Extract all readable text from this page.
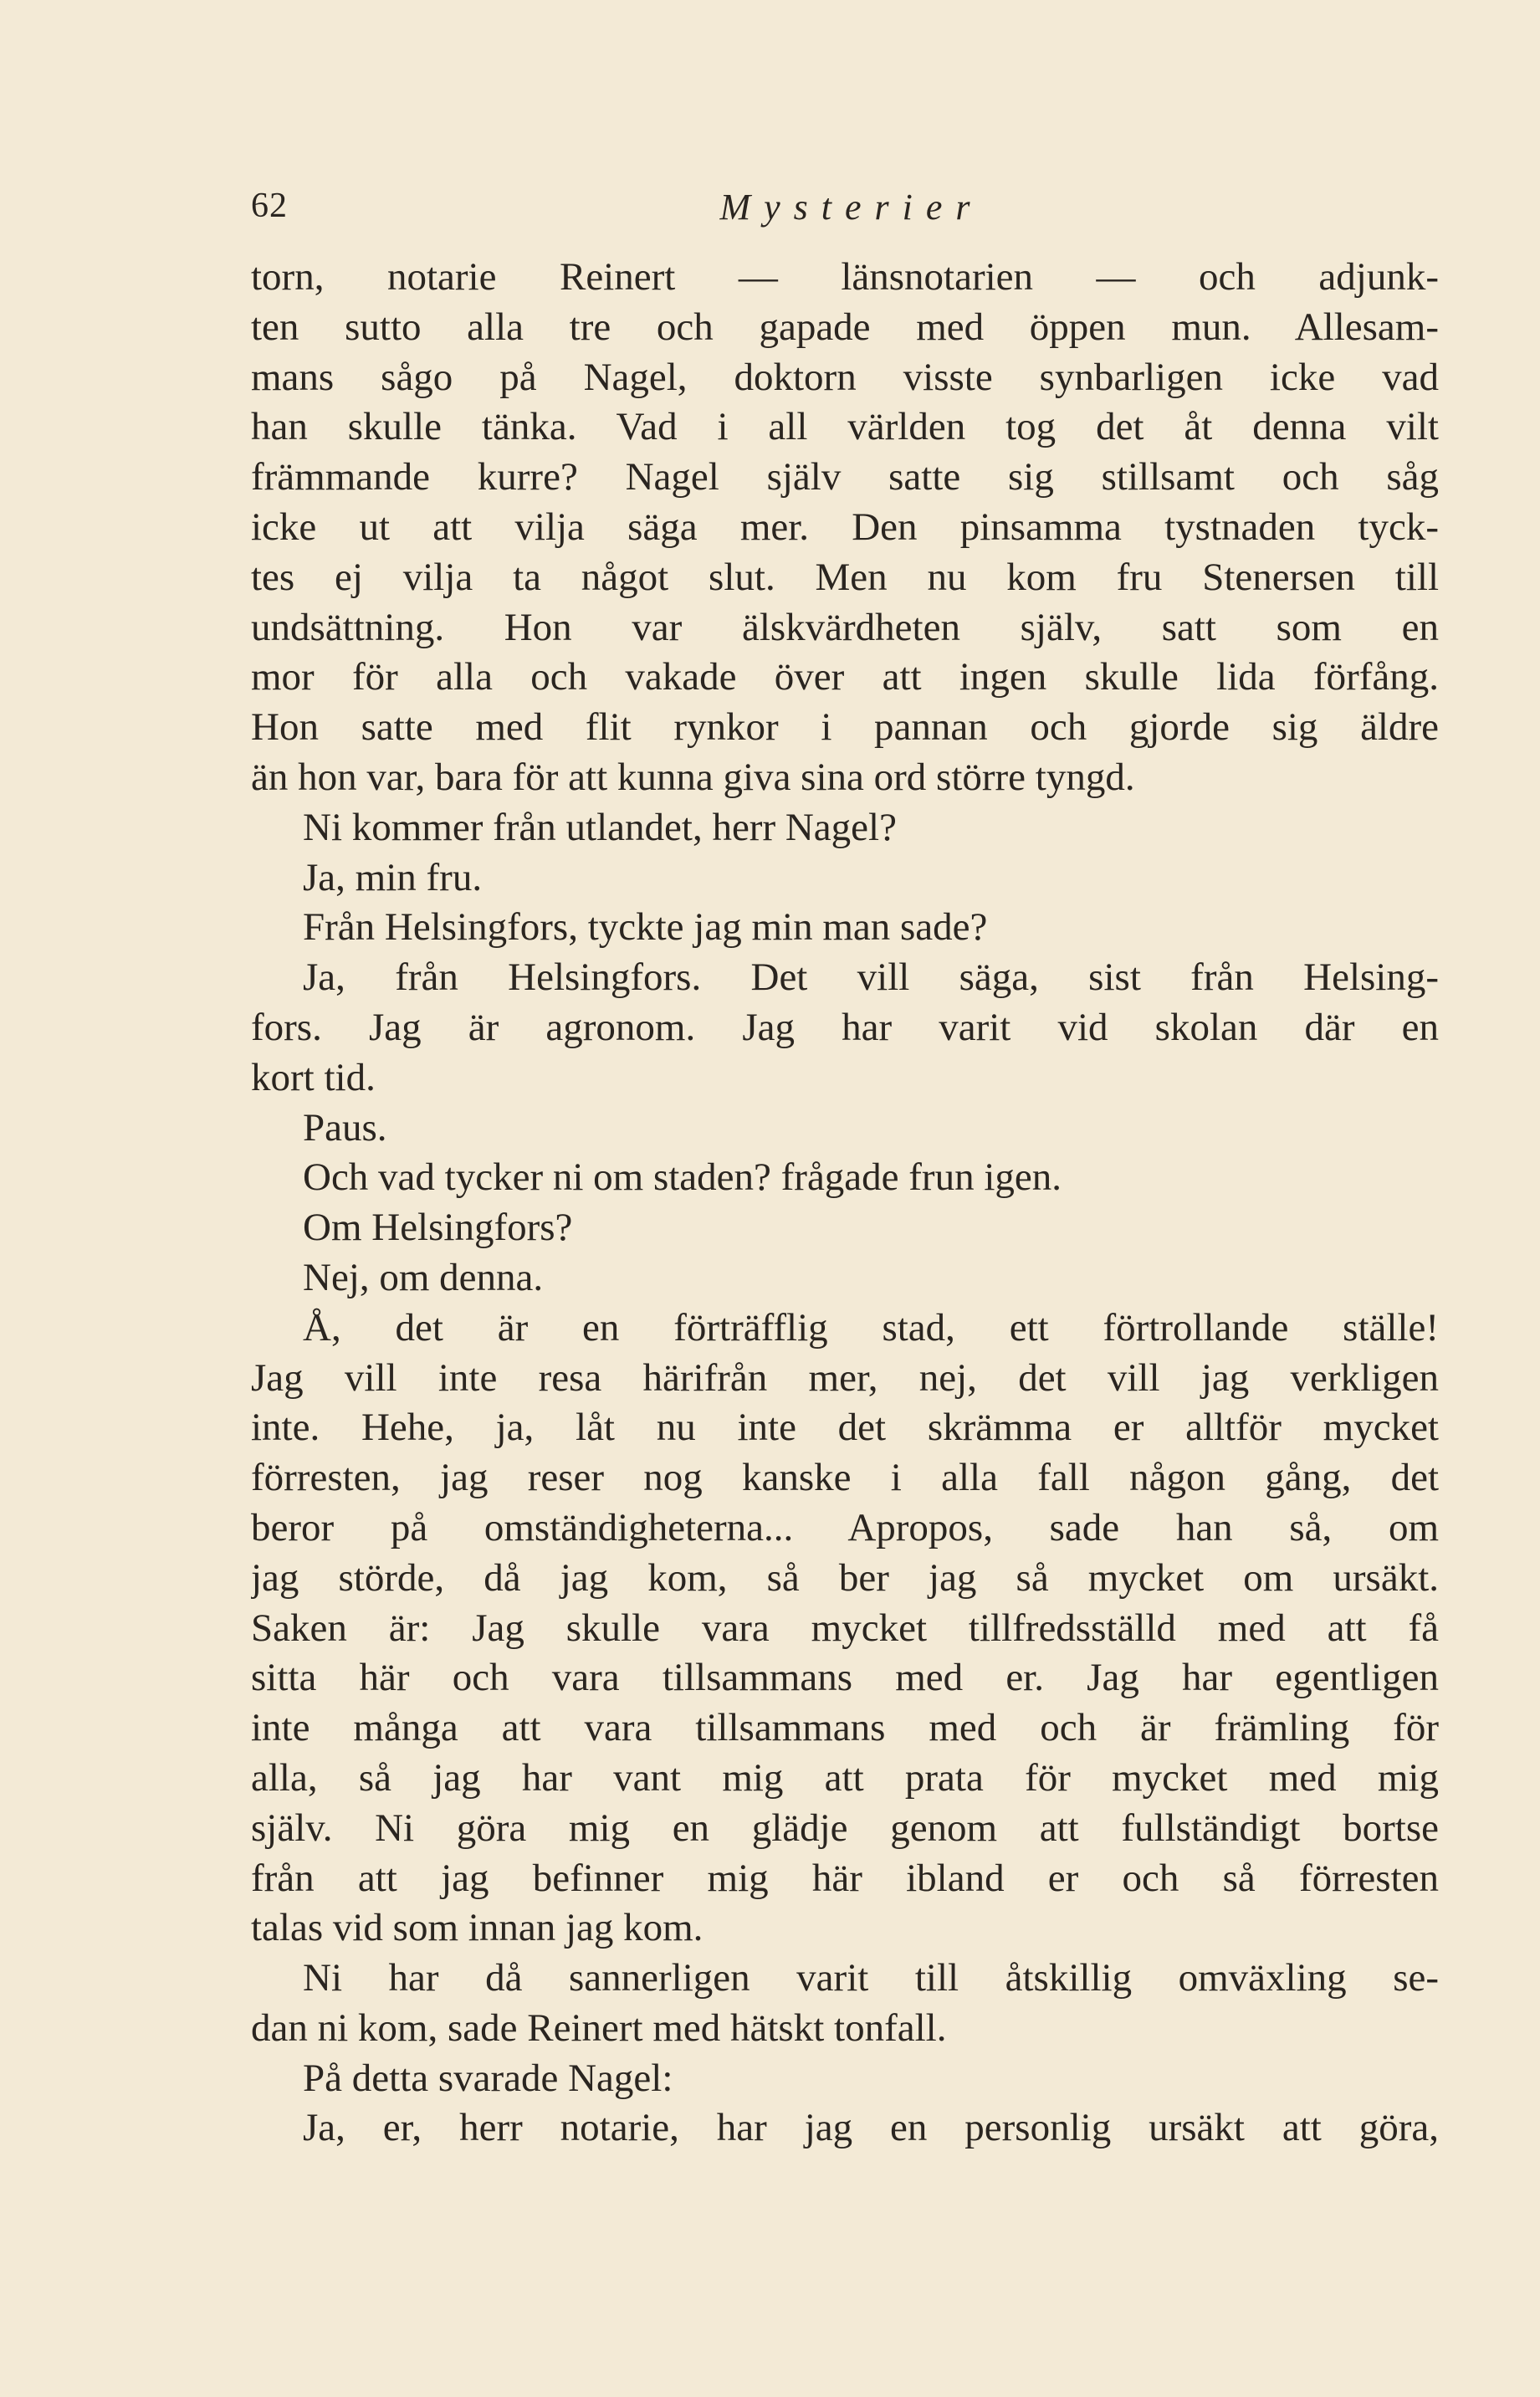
62	Mysterier
torn, notarie Reinert — länsnotarien — och adjunk-
ten sutto alla tre och gapade med öppen mun. Allesam-
mans sågo på Nagel, doktorn visste synbarligen icke vad
han skulle tänka. Vad i all världen tog det åt denna vilt
främmande kurre? Nagel själv satte sig stillsamt och såg
icke ut att vilja säga mer. Den pinsamma tystnaden tyck-
tes ej vilja ta något slut. Men nu kom fru Stenersen till
undsättning. Hon var älskvärdheten själv, satt som en
mor för alla och vakade över att ingen skulle lida förfång.
Hon satte med flit rynkor i pannan och gjorde sig äldre
än hon var, bara för att kunna giva sina ord större tyngd.
Ni kommer från utlandet, herr Nagel?
Ja, min fru.
Från Helsingfors, tyckte jag min man sade?
Ja, från Helsingfors. Det vill säga, sist från Helsing-
fors. Jag är agronom. Jag har varit vid skolan där en
kort tid.
Paus.
Och vad tycker ni om staden? frågade frun igen.
Om Helsingfors?
Nej, om denna.
Å, det är en förträfflig stad, ett förtrollande ställe!
Jag vill inte resa härifrån mer, nej, det vill jag verkligen
inte. Hehe, ja, låt nu inte det skrämma er alltför mycket
förresten, jag reser nog kanske i alla fall någon gång, det
beror på omständigheterna... Apropos, sade han så, om
jag störde, då jag kom, så ber jag så mycket om ursäkt.
Saken är: Jag skulle vara mycket tillfredsställd med att få
sitta här och vara tillsammans med er. Jag har egentligen
inte många att vara tillsammans med och är främling för
alla, så jag har vant mig att prata för mycket med mig
själv. Ni göra mig en glädje genom att fullständigt bortse
från att jag befinner mig här ibland er och så förresten
talas vid som innan jag kom.
Ni har då sannerligen varit till åtskillig omväxling se-
dan ni kom, sade Reinert med hätskt tonfall.
På detta svarade Nagel:
Ja, er, herr notarie, har jag en personlig ursäkt att göra,
